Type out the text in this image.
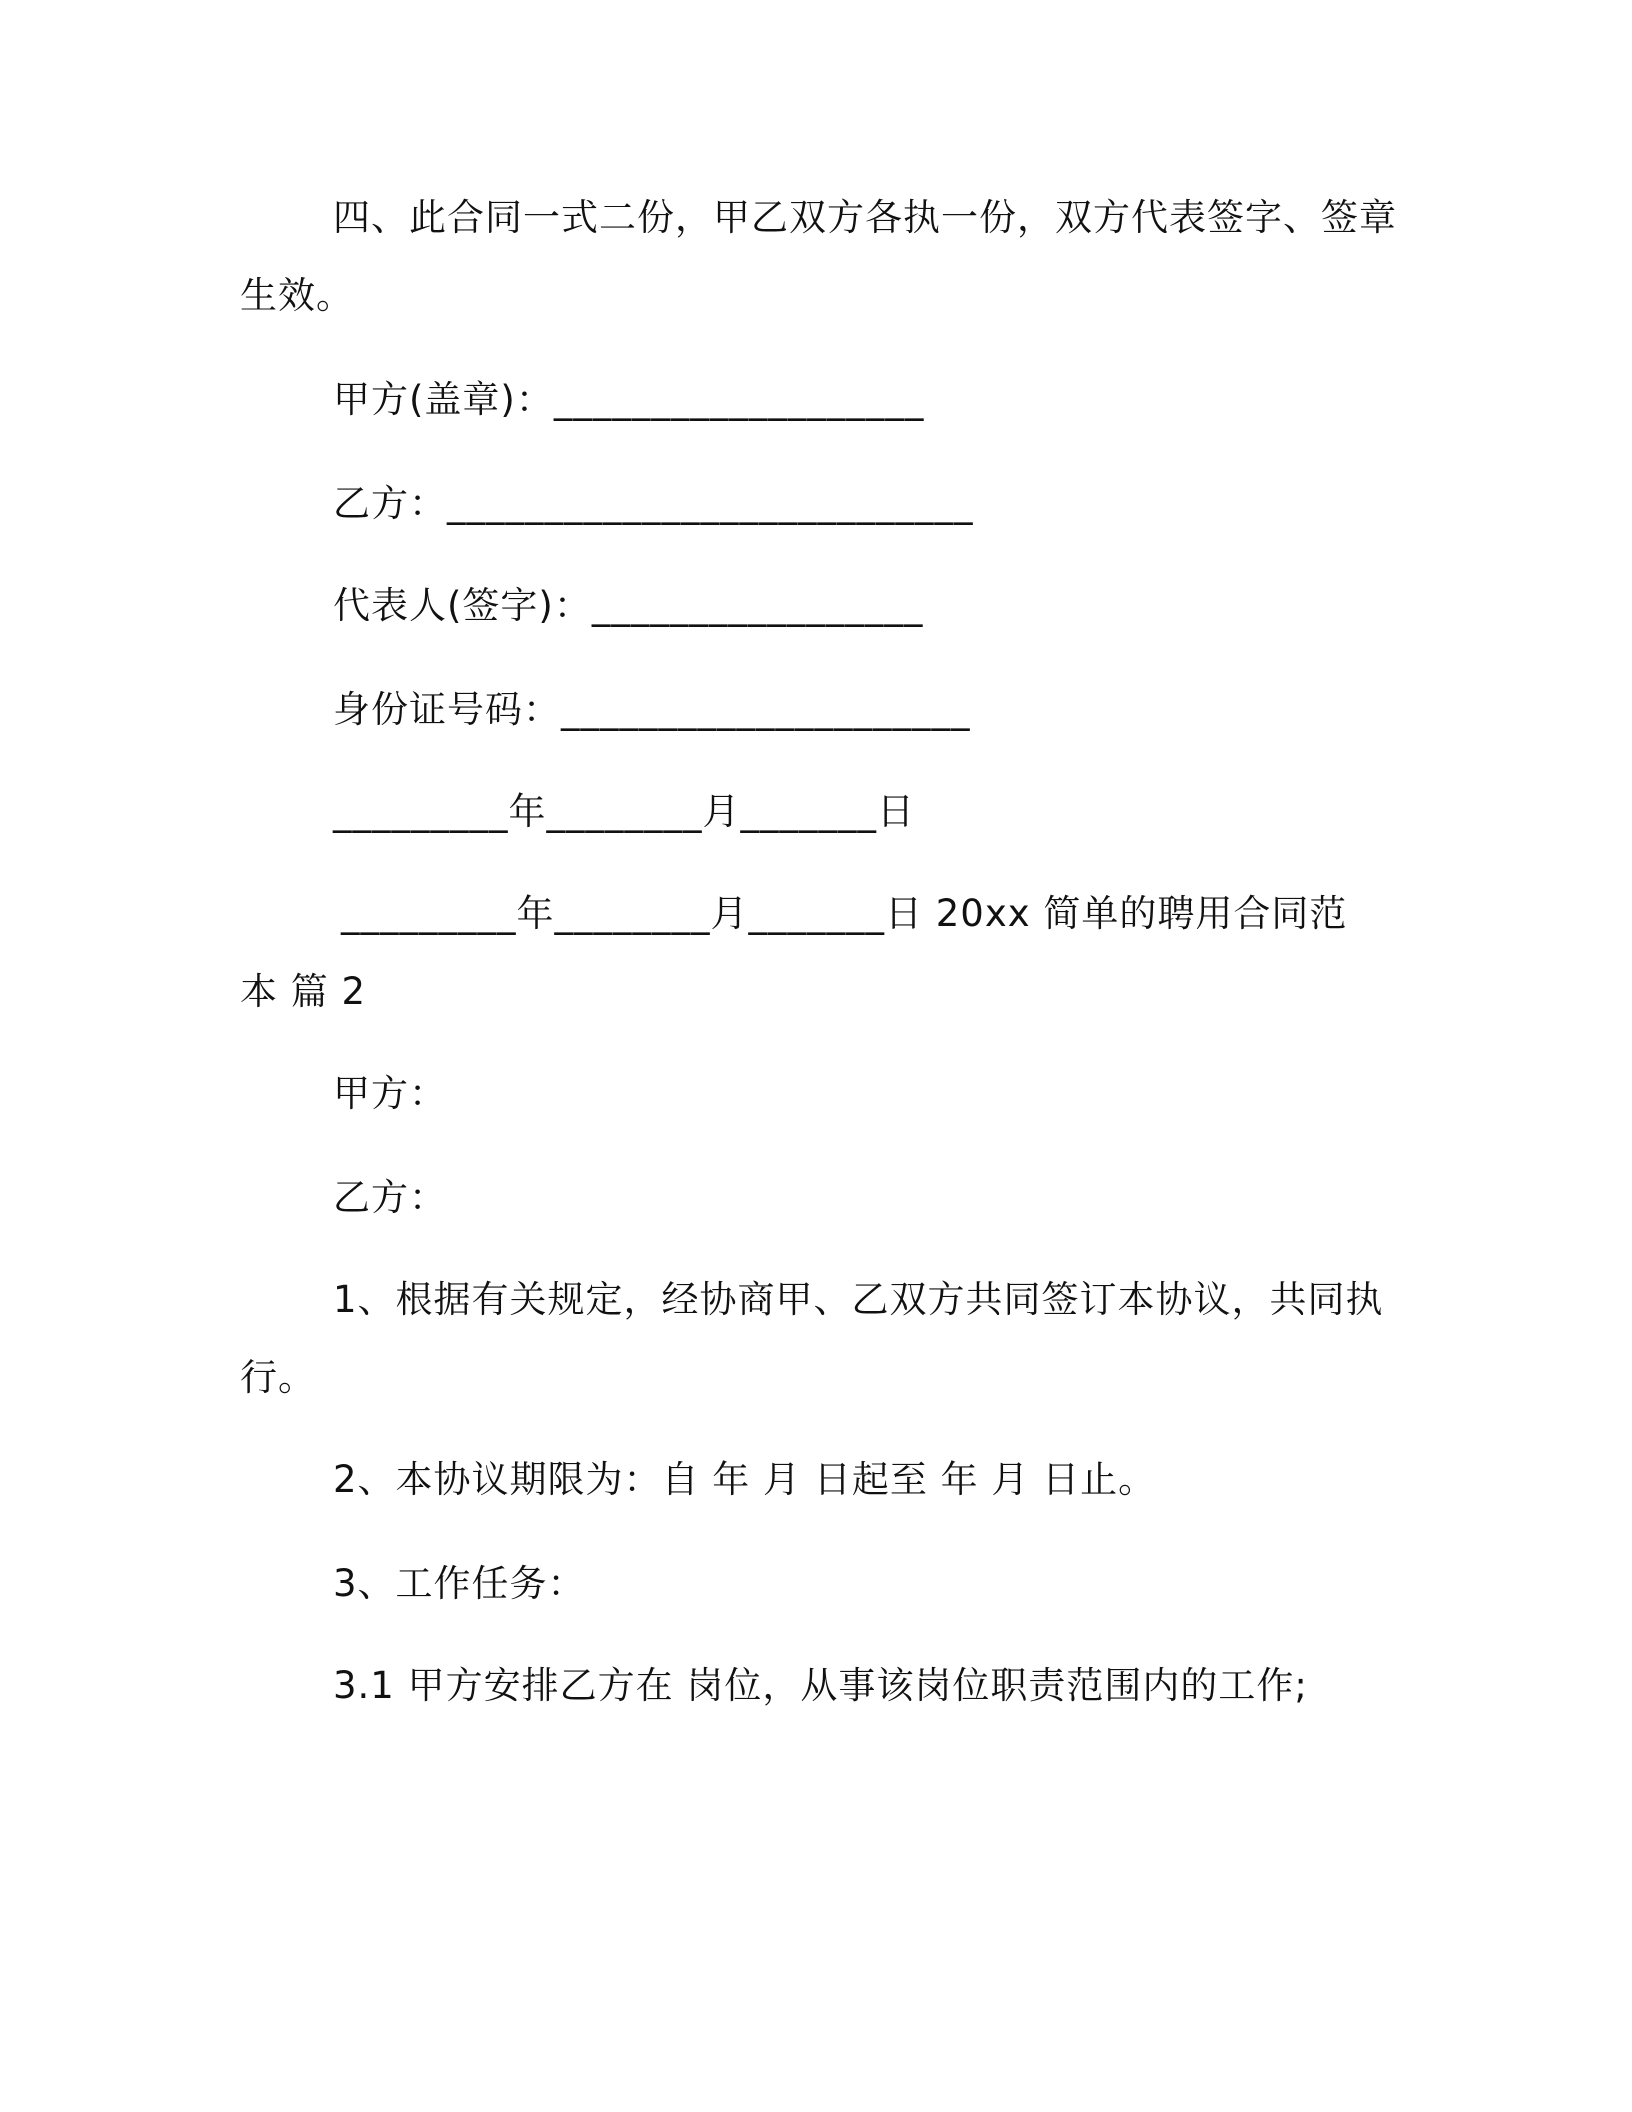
四、此合同一式二份，甲乙双方各执一份，双方代表签字、签章
生效。
甲方(盖章)：___________________
乙方：___________________________
代表人(签字)：_________________
身份证号码：_____________________
_________年________月_______日
_________年________月_______日 20xx 简单的聘用合同范
本 篇 2
甲方：
乙方：
1、根据有关规定，经协商甲、乙双方共同签订本协议，共同执
行。
2、本协议期限为：自 年 月 日起至 年 月 日止。
3、工作任务：
3.1 甲方安排乙方在 岗位，从事该岗位职责范围内的工作;
